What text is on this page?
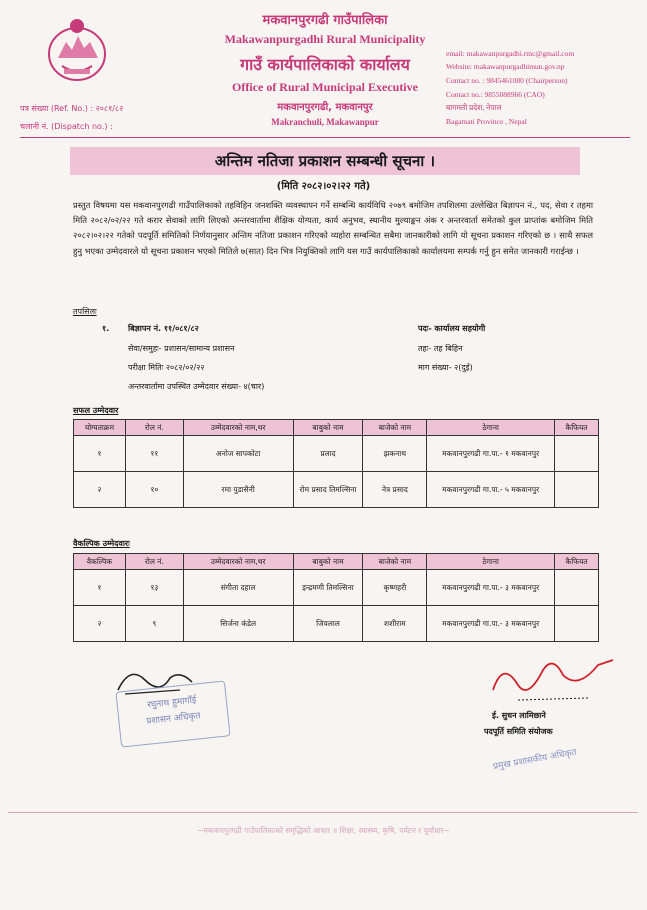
मकवानपुरगढी गाउँपालिका
Makawanpurgadhi Rural Municipality
गाउँ कार्यपालिकाको कार्यालय
Office of Rural Municipal Executive
मकवानपुरगढी, मकवानपुर
Makranchuli, Makawanpur
email: makawanpurgadhi.rmc@gmail.com
Website: makawanpurgadhimun.gov.np
Contact no. : 9845461080 (Chairperson)
Contact no.: 9855088966 (CAO)
बागमती प्रदेश, नेपाल
Bagamati Province , Nepal
पत्र संख्या (Ref. No.) : २०८१/८२
चलानी नं. (Dispatch no.) :
अन्तिम नतिजा प्रकाशन सम्बन्धी सूचना ।
(मिति २०८२।०२।२२ गते)
प्रस्तुत विषयमा यस मकवानपुरगढी गाउँपालिकाको तहविहिन जनशक्ति व्यवस्थापन गर्ने सम्बन्धि कार्यविधि २०७९ बमोजिम तपशिलमा उल्लेखित बिज्ञापन नं., पद, सेवा र तहमा मिति २०८२/०२/२२ गते करार सेवाको लागि लिएको अन्तरवार्तामा शैक्षिक योग्यता, कार्य अनुभव, स्थानीय मुल्याङ्कन अंक र अन्तरवार्ता समेतको कुल प्राप्तांक बमोजिम मिति २०८२।०२।२२ गतेको पदपूर्ति समितिको निर्णयानुसार अन्तिम नतिजा प्रकाशन गरिएको व्यहोरा सम्बन्धित सबैमा जानकारीको लागि यो सूचना प्रकाशन गरिएको छ । साथै सफल हुनु भएका उम्मेदवारले यो सूचना प्रकाशन भएको मितिले ७(सात) दिन भित्र नियुक्तिको लागि यस गाउँ कार्यपालिकाको कार्यालयमा सम्पर्क गर्नु हुन समेत जानकारी गराईन्छ ।
तपसिलः
१. बिज्ञापन नं. ११/०८१/८२
सेवा/समुहः- प्रशासन/सामान्य प्रशासन
परीक्षा मितिः २०८२/०२/२२
अन्तरवार्तामा उपस्थित उम्मेदवार संख्या- ४(चार)
पदः- कार्यालय सहयोगी
तहः- तह बिहिन
माग संख्या- २(दुई)
सफल उम्मेदवार
योग्यताक्रम	रोल नं.	उम्मेदवारको नाम,थर	बाबुको नाम	बाजेको नाम	ठेगाना	कैफियत
१	११	अनोज सापकोटा	प्रलाद	झकनाथ	मकवानपुरगढी गा.पा.- १ मकवानपुर	
२	१०	रमा पुडासैनी	रोम प्रसाद तिमल्सिना	नेत्र प्रसाद	मकवानपुरगढी गा.पा.- ५ मकवानपुर	
वैकल्पिक उम्मेदवारः
वैकल्पिक	रोल नं.	उम्मेदवारको नाम,थर	बाबुको नाम	बाजेको नाम	ठेगाना	कैफियत
१	१३	संगीता दहाल	इन्द्रमणी तिमल्सिना	कृष्णहरी	मकवानपुरगढी गा.पा.- ३ मकवानपुर	
२	९	सिर्जना कंडेल	जिवलाल	शशीराम	मकवानपुरगढी गा.पा.- ३ मकवानपुर	
रघुनाथ हुमागाँई
प्रशासन अधिकृत	ई. सुधन लामिछाने
पदपूर्ति समिति संयोजक
प्रमुख प्रशासकीय अधिकृत
~मकवानपुरगढी गाउँपालिकाको समृद्धिको आधार ॥ शिक्षा, स्वास्थ्य, कृषि, पर्यटन र पूर्वाधार~
